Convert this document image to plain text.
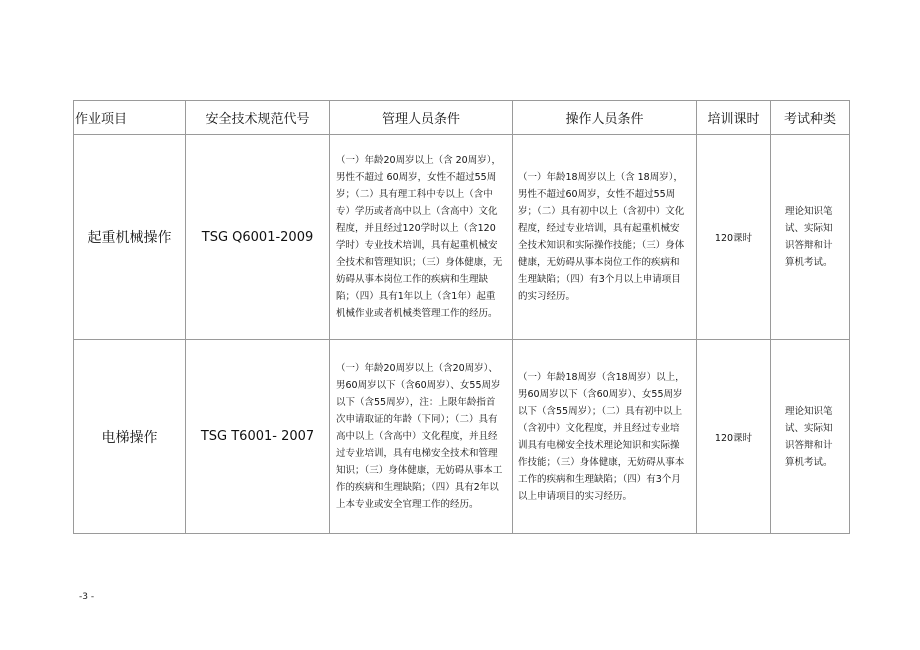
作业项目	安全技术规范代号	管理人员条件	操作人员条件	培训课时	考试种类
起重机械操作	TSG Q6001-2009	（一）年龄20周岁以上（含 20周岁），男性不超过 60周岁，女性不超过55周岁；（二）具有理工科中专以上（含中专）学历或者高中以上（含高中）文化程度，并且经过120学时以上（含120学时）专业技术培训，具有起重机械安全技术和管理知识；（三）身体健康，无妨碍从事本岗位工作的疾病和生理缺陷；（四）具有1年以上（含1年）起重机械作业或者机械类管理工作的经历。	（一）年龄18周岁以上（含 18周岁），男性不超过60周岁，女性不超过55周岁；（二）具有初中以上（含初中）文化程度，经过专业培训，具有起重机械安全技术知识和实际操作技能；（三）身体健康，无妨碍从事本岗位工作的疾病和生理缺陷；（四）有3个月以上申请项目的实习经历。	120课时	理论知识笔试、实际知识答辩和计算机考试。

电梯操作	TSG T6001- 2007	（一）年龄20周岁以上（含20周岁）、男60周岁以下（含60周岁）、女55周岁以下（含55周岁），注：上限年龄指首次申请取证的年龄（下同）；（二）具有高中以上（含高中）文化程度，并且经过专业培训，具有电梯安全技术和管理知识；（三）身体健康，无妨碍从事本工作的疾病和生理缺陷；（四）具有2年以上本专业或安全官理工作的经历。	（一）年龄18周岁（含18周岁）以上，男60周岁以下（含60周岁）、女55周岁以下（含55周岁）；（二）具有初中以上（含初中）文化程度，并且经过专业培训具有电梯安全技术理论知识和实际操作技能；（三）身体健康，无妨碍从事本工作的疾病和生理缺陷；（四）有3个月以上申请项目的实习经历。	120课时	理论知识笔试、实际知识答辩和计算机考试。
-3 -
